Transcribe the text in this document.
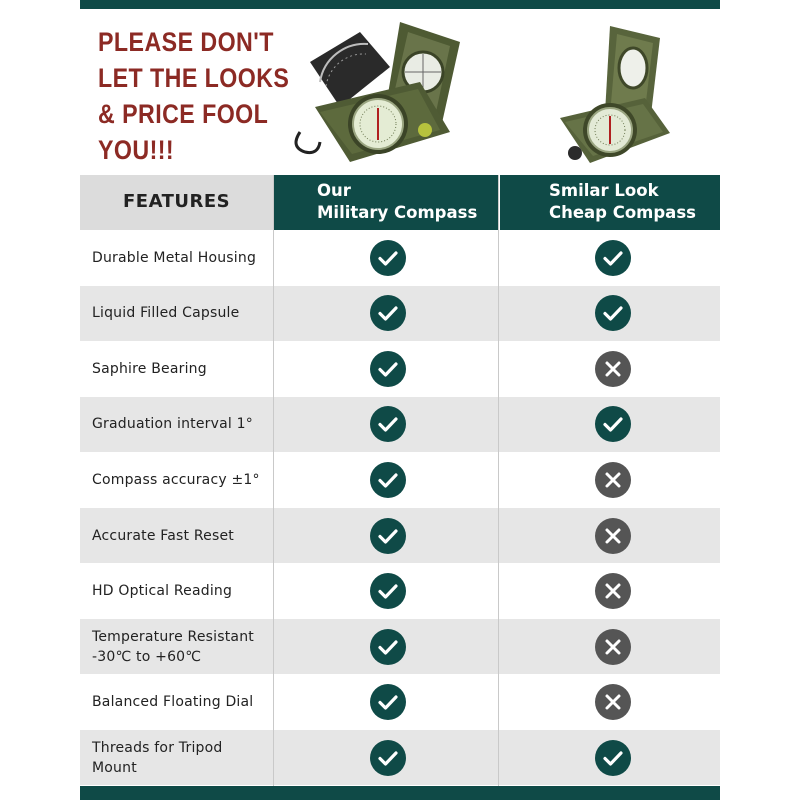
PLEASE DON'T
LET THE LOOKS
& PRICE FOOL
YOU!!!
FEATURES
Our
Military Compass
Smilar Look
Cheap Compass
Durable Metal Housing
Liquid Filled Capsule
Saphire Bearing
Graduation interval 1°
Compass accuracy ±1°
Accurate Fast Reset
HD Optical Reading
Temperature Resistant
-30℃ to +60℃
Balanced Floating Dial
Threads for Tripod
Mount
